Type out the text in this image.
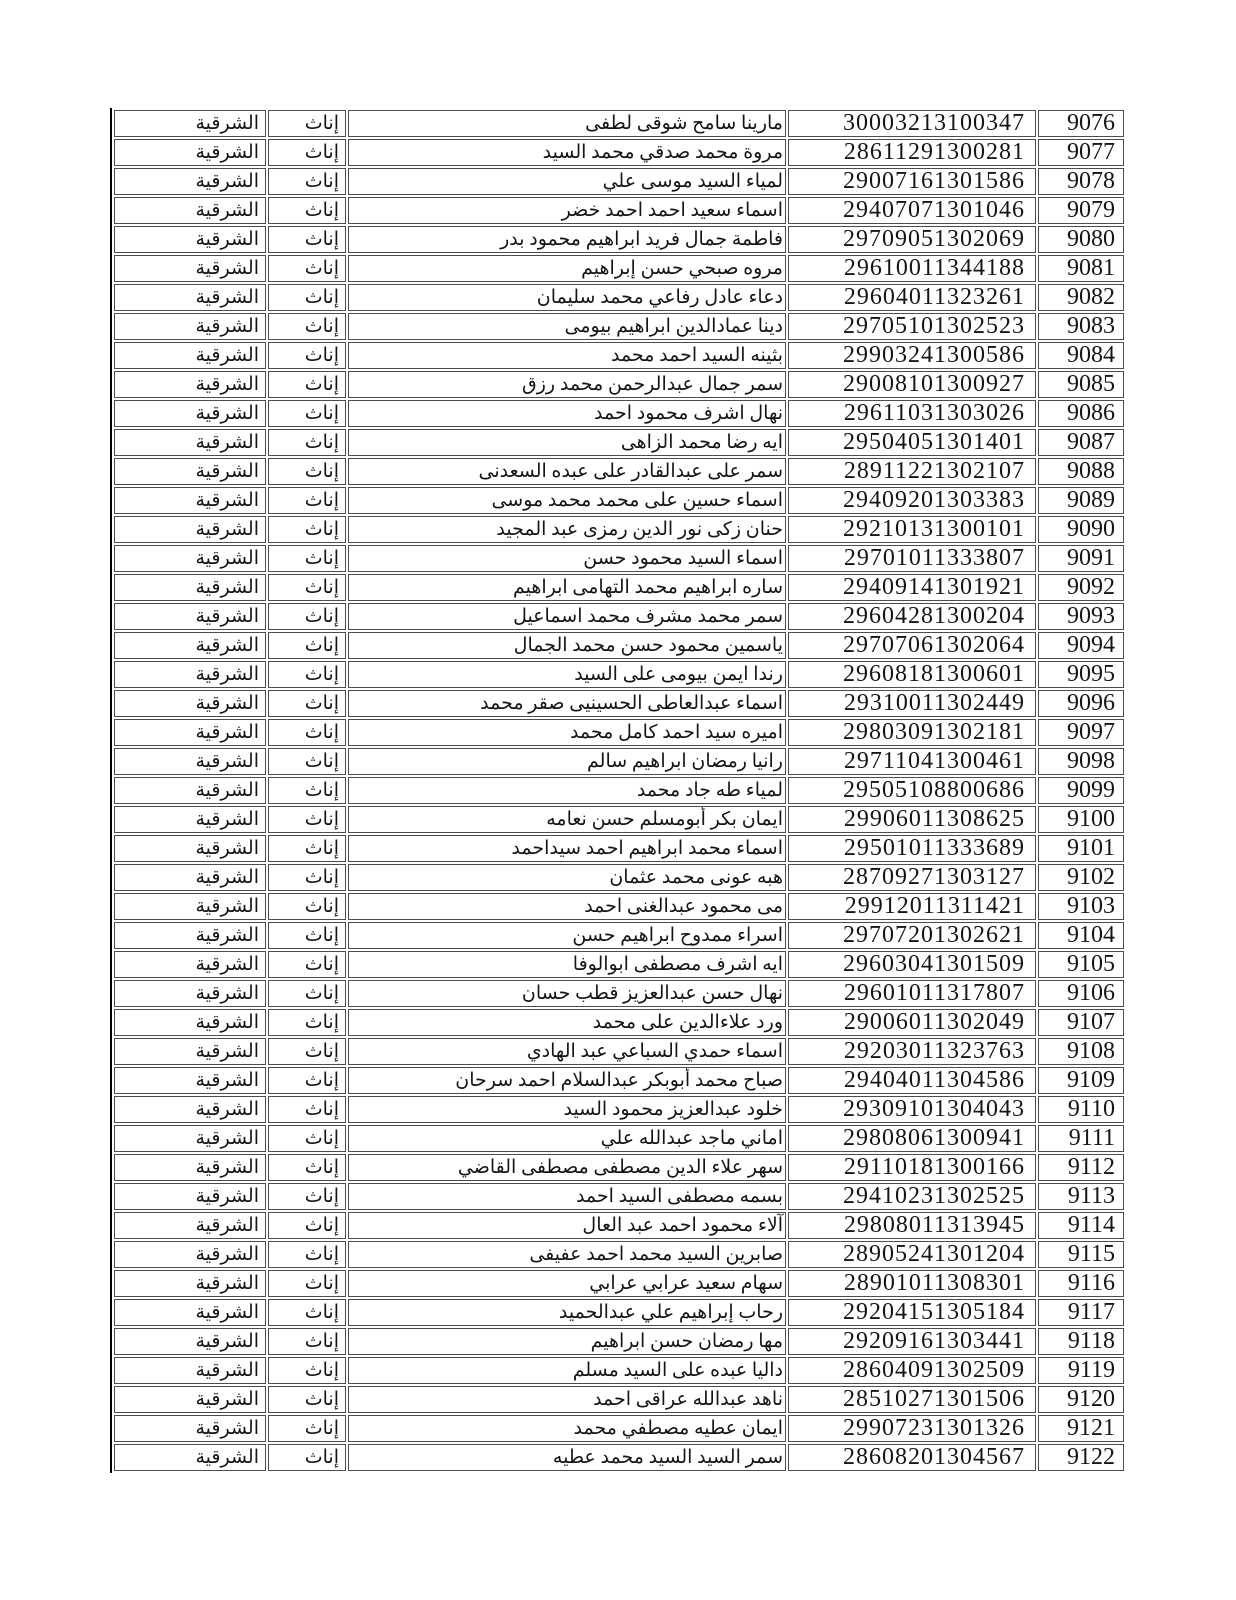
الشرقية	إناث	مارينا سامح شوقى لطفى	30003213100347	9076
الشرقية	إناث	مروة محمد صدقي محمد السيد	28611291300281	9077
الشرقية	إناث	لمياء السيد موسى علي	29007161301586	9078
الشرقية	إناث	اسماء سعيد احمد احمد خضر	29407071301046	9079
الشرقية	إناث	فاطمة جمال فريد ابراهيم محمود بدر	29709051302069	9080
الشرقية	إناث	مروه صبحي حسن إبراهيم	29610011344188	9081
الشرقية	إناث	دعاء عادل رفاعي محمد سليمان	29604011323261	9082
الشرقية	إناث	دينا عمادالدين ابراهيم بيومى	29705101302523	9083
الشرقية	إناث	بثينه السيد احمد محمد	29903241300586	9084
الشرقية	إناث	سمر جمال عبدالرحمن محمد رزق	29008101300927	9085
الشرقية	إناث	نهال اشرف محمود احمد	29611031303026	9086
الشرقية	إناث	ايه رضا محمد الزاهى	29504051301401	9087
الشرقية	إناث	سمر على عبدالقادر على عبده السعدنى	28911221302107	9088
الشرقية	إناث	اسماء حسين على محمد محمد موسى	29409201303383	9089
الشرقية	إناث	حنان زكى نور الدين رمزى عبد المجيد	29210131300101	9090
الشرقية	إناث	اسماء السيد محمود حسن	29701011333807	9091
الشرقية	إناث	ساره ابراهيم محمد التهامى ابراهيم	29409141301921	9092
الشرقية	إناث	سمر محمد مشرف محمد اسماعيل	29604281300204	9093
الشرقية	إناث	ياسمين محمود حسن محمد الجمال	29707061302064	9094
الشرقية	إناث	رندا ايمن بيومى على السيد	29608181300601	9095
الشرقية	إناث	اسماء عبدالعاطى الحسينيى صقر محمد	29310011302449	9096
الشرقية	إناث	اميره سيد احمد كامل محمد	29803091302181	9097
الشرقية	إناث	رانيا رمضان ابراهيم سالم	29711041300461	9098
الشرقية	إناث	لمياء طه جاد محمد	29505108800686	9099
الشرقية	إناث	ايمان بكر أبومسلم حسن نعامه	29906011308625	9100
الشرقية	إناث	اسماء محمد ابراهيم احمد سيداحمد	29501011333689	9101
الشرقية	إناث	هبه عونى محمد عثمان	28709271303127	9102
الشرقية	إناث	مى محمود عبدالغنى احمد	29912011311421	9103
الشرقية	إناث	اسراء ممدوح ابراهيم حسن	29707201302621	9104
الشرقية	إناث	ايه اشرف مصطفى ابوالوفا	29603041301509	9105
الشرقية	إناث	نهال حسن عبدالعزيز قطب حسان	29601011317807	9106
الشرقية	إناث	ورد علاءالدين على محمد	29006011302049	9107
الشرقية	إناث	اسماء حمدي السباعي عبد الهادي	29203011323763	9108
الشرقية	إناث	صباح محمد أبوبكر عبدالسلام احمد سرحان	29404011304586	9109
الشرقية	إناث	خلود عبدالعزيز محمود السيد	29309101304043	9110
الشرقية	إناث	اماني ماجد عبدالله علي	29808061300941	9111
الشرقية	إناث	سهر علاء الدين مصطفى مصطفى القاضي	29110181300166	9112
الشرقية	إناث	بسمه مصطفى السيد احمد	29410231302525	9113
الشرقية	إناث	آلاء محمود احمد عبد العال	29808011313945	9114
الشرقية	إناث	صابرين السيد محمد احمد عفيفى	28905241301204	9115
الشرقية	إناث	سهام سعيد عرابي عرابي	28901011308301	9116
الشرقية	إناث	رحاب إبراهيم علي عبدالحميد	29204151305184	9117
الشرقية	إناث	مها رمضان حسن ابراهيم	29209161303441	9118
الشرقية	إناث	داليا عبده على السيد مسلم	28604091302509	9119
الشرقية	إناث	ناهد عبدالله عراقى احمد	28510271301506	9120
الشرقية	إناث	ايمان عطيه مصطفي محمد	29907231301326	9121
الشرقية	إناث	سمر السيد السيد محمد عطيه	28608201304567	9122
